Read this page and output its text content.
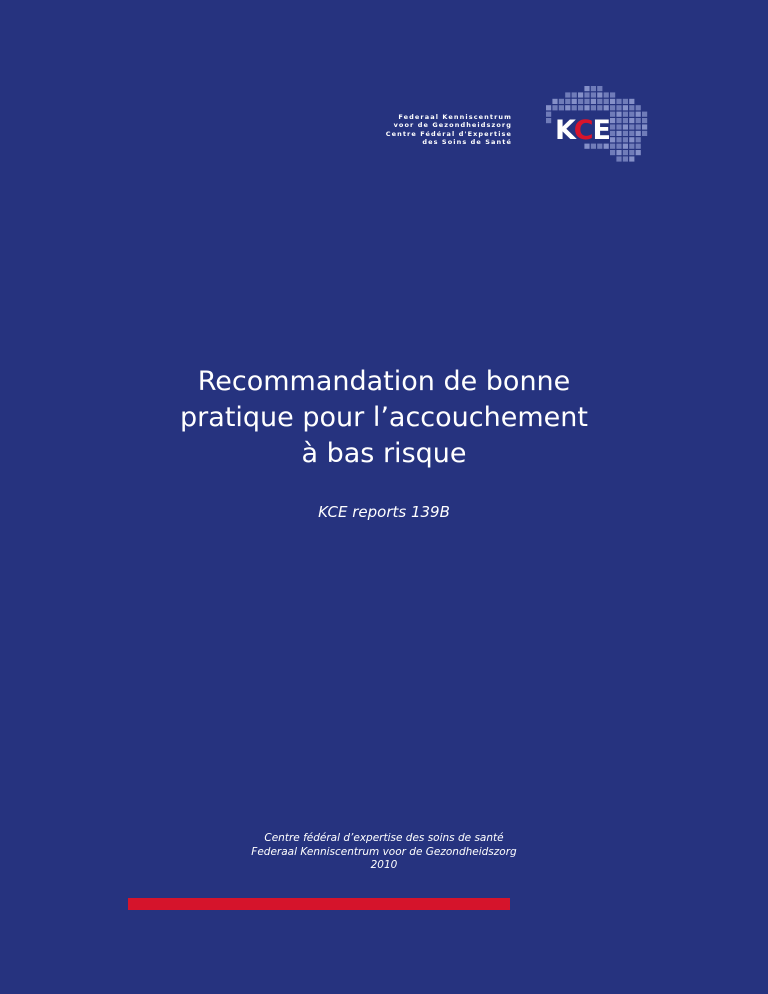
Federaal Kenniscentrum
voor de Gezondheidszorg
Centre Fédéral d'Expertise
des Soins de Santé KCE
Recommandation de bonne
pratique pour l’accouchement
à bas risque

KCE reports 139B

Centre fédéral d’expertise des soins de santé
Federaal Kenniscentrum voor de Gezondheidszorg
2010
